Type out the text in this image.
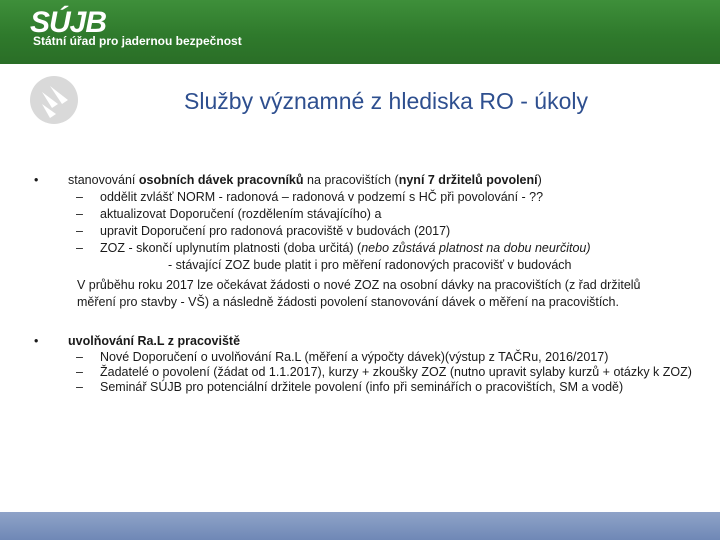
SÚJB
Státní úřad pro jadernou bezpečnost
Služby významné z hlediska RO - úkoly
• stanovování osobních dávek pracovníků na pracovištích (nyní 7 držitelů povolení)
– oddělit zvlášť NORM - radonová – radonová v podzemí s HČ při povolování - ??
– aktualizovat Doporučení (rozdělením stávajícího) a
– upravit Doporučení pro radonová pracoviště v budovách (2017)
– ZOZ - skončí uplynutím platnosti (doba určitá) (nebo zůstává platnost na dobu neurčitou)
- stávající ZOZ bude platit i pro měření radonových pracovišť v budovách
V průběhu roku 2017 lze očekávat žádosti o nové ZOZ na osobní dávky na pracovištích (z řad držitelů měření pro stavby - VŠ) a následně žádosti povolení stanovování dávek o měření na pracovištích.
• uvolňování Ra.L z pracoviště
– Nové Doporučení o uvolňování Ra.L (měření a výpočty dávek)(výstup z TAČRu, 2016/2017)
– Žadatelé o povolení (žádat od 1.1.2017), kurzy + zkoušky ZOZ (nutno upravit sylaby kurzů + otázky k ZOZ)
– Seminář SÚJB pro potenciální držitele povolení (info při seminářích o pracovištích, SM a vodě)
